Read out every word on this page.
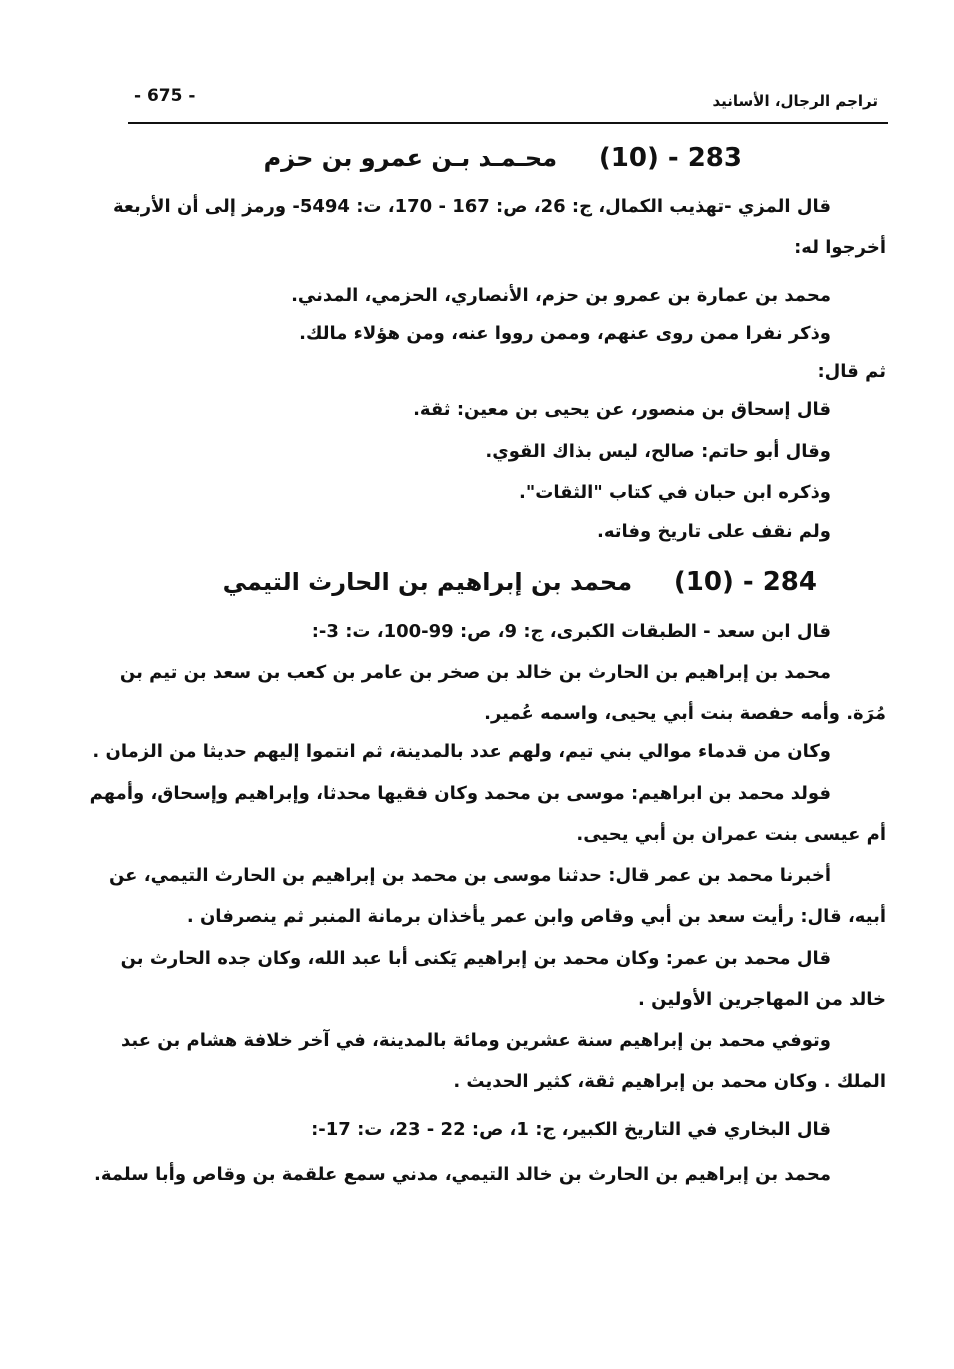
تراجم الرجال، الأسانيد
- 675 -
283 - (10)     محـمـد بـن عمرو بن حزم
قال المزي -تهذيب الكمال، ج: 26، ص: 167 - 170، ت: 5494- ورمز إلى أن الأربعة
أخرجوا له:
محمد بن عمارة بن عمرو بن حزم، الأنصاري، الحزمي، المدني.
وذكر نفرا ممن روى عنهم، وممن رووا عنه، ومن هؤلاء مالك.
ثم قال:
قال إسحاق بن منصور، عن يحيى بن معين: ثقة.
وقال أبو حاتم: صالح، ليس بذاك القوي.
وذكره ابن حبان في كتاب "الثقات".
ولم نقف على تاريخ وفاته.
284 - (10)     محمد بن إبراهيم بن الحارث التيمي
قال ابن سعد - الطبقات الكبرى، ج: 9، ص: 99-100، ت: 3-:
محمد بن إبراهيم بن الحارث بن خالد بن صخر بن عامر بن كعب بن سعد بن تيم بن
مُرَة. وأمه حفصة بنت أبي يحيى، واسمه عُمير.
وكان من قدماء موالي بني تيم، ولهم عدد بالمدينة، ثم انتموا إليهم حديثا من الزمان .
فولد محمد بن ابراهيم: موسى بن محمد وكان فقيها محدثا، وإبراهيم وإسحاق، وأمهم
أم عيسى بنت عمران بن أبي يحيى.
أخبرنا محمد بن عمر قال: حدثنا موسى بن محمد بن إبراهيم بن الحارث التيمي، عن
أبيه، قال: رأيت سعد بن أبي وقاص وابن عمر يأخذان برمانة المنبر ثم ينصرفان .
قال محمد بن عمر: وكان محمد بن إبراهيم يَكنى أبا عبد الله، وكان جده الحارث بن
خالد من المهاجرين الأولين .
وتوفي محمد بن إبراهيم سنة عشرين ومائة بالمدينة، في آخر خلافة هشام بن عبد
الملك . وكان محمد بن إبراهيم ثقة، كثير الحديث .
قال البخاري في التاريخ الكبير، ج: 1، ص: 22 - 23، ت: 17-:
محمد بن إبراهيم بن الحارث بن خالد التيمي، مدني سمع علقمة بن وقاص وأبا سلمة.
